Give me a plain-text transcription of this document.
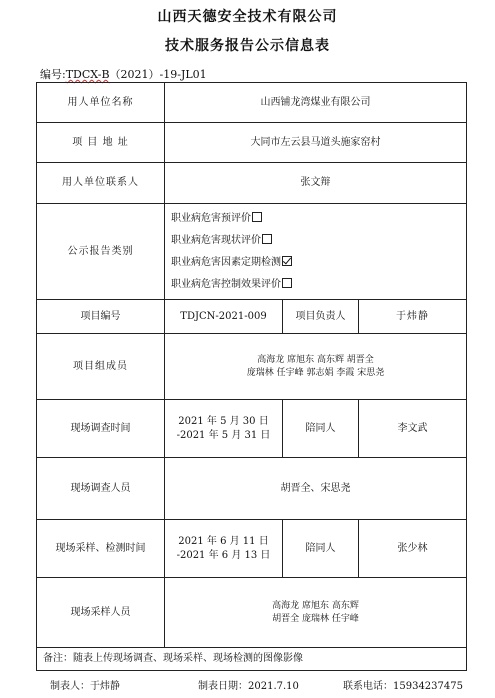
山西天德安全技术有限公司
技术服务报告公示信息表
编号:TDCX-B（2021）-19-JL01
用人单位名称	山西铺龙湾煤业有限公司		
项 目 地 址	大同市左云县马道头施家窑村		
用人单位联系人	张文辩		
公示报告类别	职业病危害预评价
职业病危害现状评价
职业病危害因素定期检测
职业病危害控制效果评价		

项目编号	TDJCN-2021-009	项目负责人	于炜静
项目组成员	高海龙 席旭东 高东辉 胡晋全
庞瑞林 任宇峰 郭志娟 李霞 宋思尧		

现场调查时间	2021 年 5 月 30 日
-2021 年 5 月 31 日	陪同人	李文武
现场调查人员	胡晋全、宋思尧		
现场采样、检测时间	2021 年 6 月 11 日
-2021 年 6 月 13 日	陪同人	张少林
现场采样人员	高海龙 席旭东 高东辉
胡晋全 庞瑞林 任宇峰		

备注：随表上传现场调查、现场采样、现场检测的图像影像			
制表人：于炜静	制表日期：2021.7.10	联系电话：15934237475
